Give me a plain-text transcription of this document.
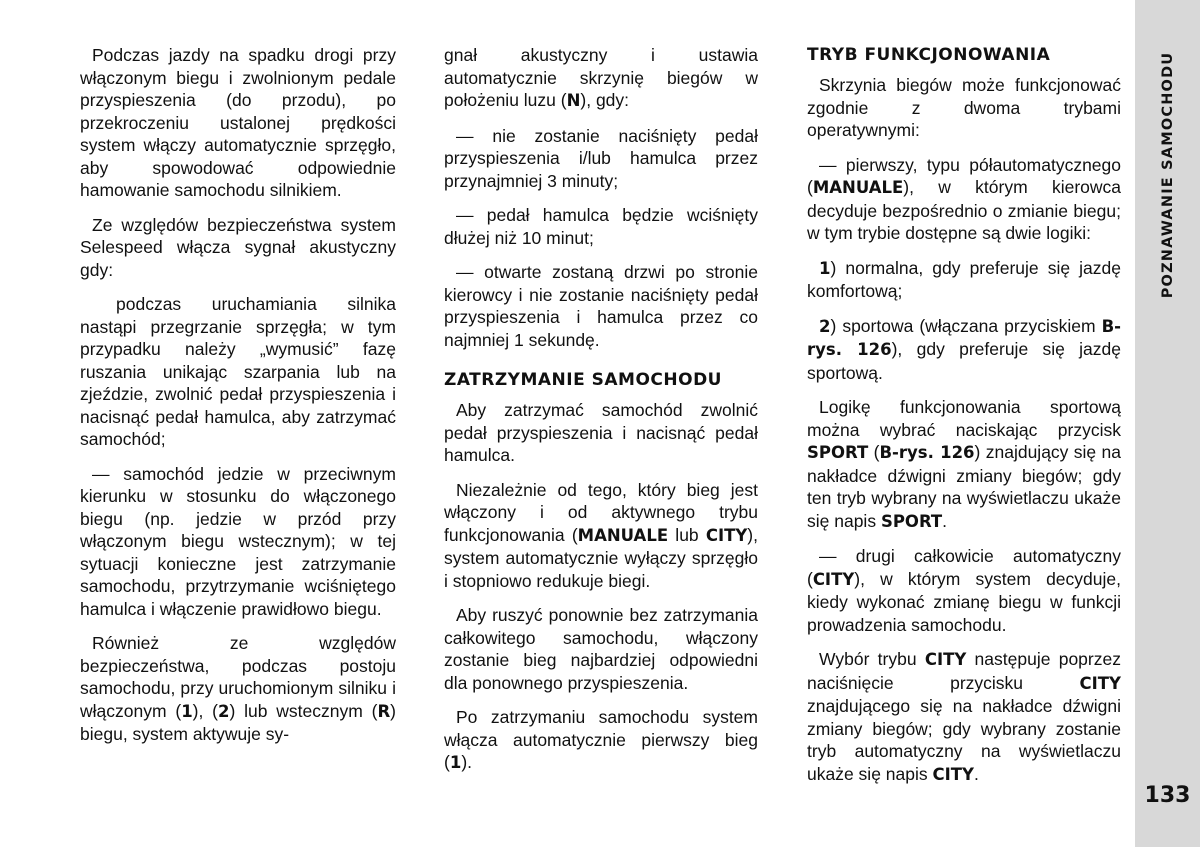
Podczas jazdy na spadku drogi przy włączonym biegu i zwolnionym pedale przyspieszenia (do przodu), po przekroczeniu ustalonej prędkości system włączy automatycznie sprzęgło, aby spowodować odpowiednie hamowanie samochodu silnikiem.

Ze względów bezpieczeństwa system Selespeed włącza sygnał akustyczny gdy:

podczas uruchamiania silnika nastąpi przegrzanie sprzęgła; w tym przypadku należy „wymusić” fazę ruszania unikając szarpania lub na zjeździe, zwolnić pedał przyspieszenia i nacisnąć pedał hamulca, aby zatrzymać samochód;

— samochód jedzie w przeciwnym kierunku w stosunku do włączonego biegu (np. jedzie w przód przy włączonym biegu wstecznym); w tej sytuacji konieczne jest zatrzymanie samochodu, przytrzymanie wciśniętego hamulca i włączenie prawidłowo biegu.

Również ze względów bezpieczeństwa, podczas postoju samochodu, przy uruchomionym silniku i włączonym (1), (2) lub wstecznym (R) biegu, system aktywuje sy-

gnał akustyczny i ustawia automatycznie skrzynię biegów w położeniu luzu (N), gdy:

— nie zostanie naciśnięty pedał przyspieszenia i/lub hamulca przez przynajmniej 3 minuty;

— pedał hamulca będzie wciśnięty dłużej niż 10 minut;

— otwarte zostaną drzwi po stronie kierowcy i nie zostanie naciśnięty pedał przyspieszenia i hamulca przez co najmniej 1 sekundę.

ZATRZYMANIE SAMOCHODU

Aby zatrzymać samochód zwolnić pedał przyspieszenia i nacisnąć pedał hamulca.

Niezależnie od tego, który bieg jest włączony i od aktywnego trybu funkcjonowania (MANUALE lub CITY), system automatycznie wyłączy sprzęgło i stopniowo redukuje biegi.

Aby ruszyć ponownie bez zatrzymania całkowitego samochodu, włączony zostanie bieg najbardziej odpowiedni dla ponownego przyspieszenia.

Po zatrzymaniu samochodu system włącza automatycznie pierwszy bieg (1).

TRYB FUNKCJONOWANIA

Skrzynia biegów może funkcjonować zgodnie z dwoma trybami operatywnymi:

— pierwszy, typu półautomatycznego (MANUALE), w którym kierowca decyduje bezpośrednio o zmianie biegu; w tym trybie dostępne są dwie logiki:

1) normalna, gdy preferuje się jazdę komfortową;

2) sportowa (włączana przyciskiem B-rys. 126), gdy preferuje się jazdę sportową.

Logikę funkcjonowania sportową można wybrać naciskając przycisk SPORT (B-rys. 126) znajdujący się na nakładce dźwigni zmiany biegów; gdy ten tryb wybrany na wyświetlaczu ukaże się napis SPORT.

— drugi całkowicie automatyczny (CITY), w którym system decyduje, kiedy wykonać zmianę biegu w funkcji prowadzenia samochodu.

Wybór trybu CITY następuje poprzez naciśnięcie przycisku CITY znajdującego się na nakładce dźwigni zmiany biegów; gdy wybrany zostanie tryb automatyczny na wyświetlaczu ukaże się napis CITY.

POZNAWANIE SAMOCHODU
133
